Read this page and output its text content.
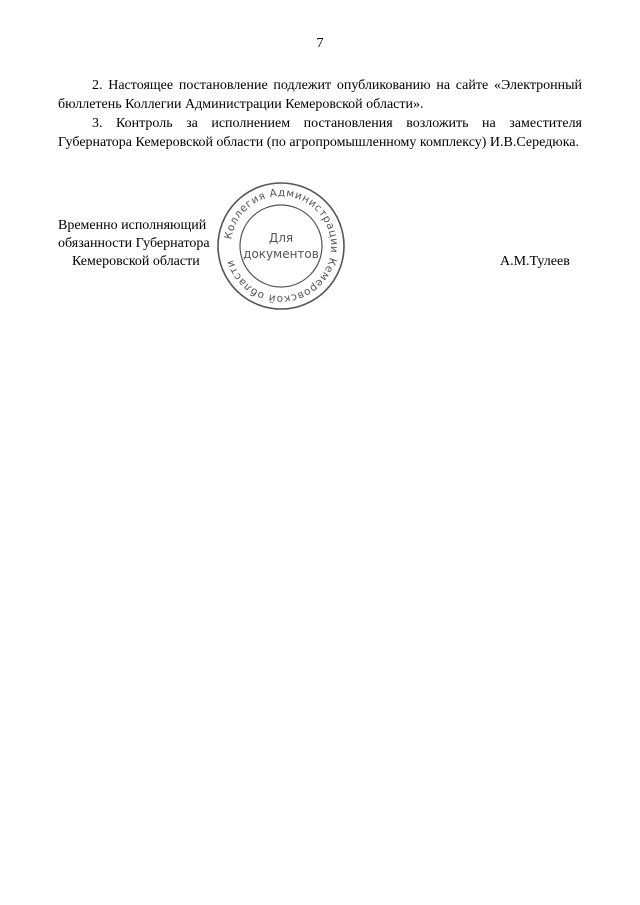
7

2. Настоящее постановление подлежит опубликованию на сайте «Электронный бюллетень Коллегии Администрации Кемеровской области».

3. Контроль за исполнением постановления возложить на заместителя Губернатора Кемеровской области (по агропромышленному комплексу) И.В.Середюка.

Временно исполняющий
обязанности Губернатора
Кемеровской области
Коллегия Администрации Кемеровской области
Для
документов	А.М.Тулеев
